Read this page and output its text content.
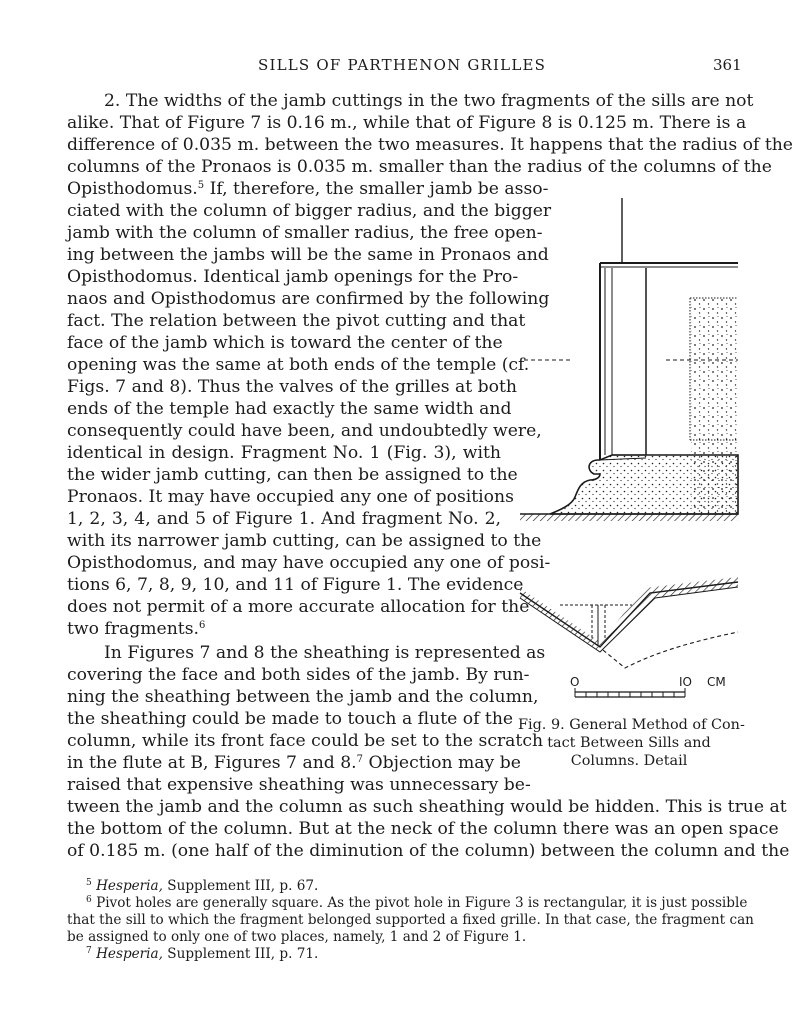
SILLS OF PARTHENON GRILLES	361
2. The widths of the jamb cuttings in the two fragments of the sills are not
alike. That of Figure 7 is 0.16 m., while that of Figure 8 is 0.125 m. There is a
difference of 0.035 m. between the two measures. It happens that the radius of the
columns of the Pronaos is 0.035 m. smaller than the radius of the columns of the
Opisthodomus.$^5$ If, therefore, the smaller jamb be asso-
ciated with the column of bigger radius, and the bigger
jamb with the column of smaller radius, the free open-
ing between the jambs will be the same in Pronaos and
Opisthodomus. Identical jamb openings for the Pro-
naos and Opisthodomus are confirmed by the following
fact. The relation between the pivot cutting and that
face of the jamb which is toward the center of the
opening was the same at both ends of the temple (cf.
Figs. 7 and 8). Thus the valves of the grilles at both
ends of the temple had exactly the same width and
consequently could have been, and undoubtedly were,
identical in design. Fragment No. 1 (Fig. 3), with
the wider jamb cutting, can then be assigned to the
Pronaos. It may have occupied any one of positions
1, 2, 3, 4, and 5 of Figure 1. And fragment No. 2,
with its narrower jamb cutting, can be assigned to the
Opisthodomus, and may have occupied any one of posi-
tions 6, 7, 8, 9, 10, and 11 of Figure 1. The evidence
does not permit of a more accurate allocation for the
two fragments.$^6$
In Figures 7 and 8 the sheathing is represented as
covering the face and both sides of the jamb. By run-
ning the sheathing between the jamb and the column,
the sheathing could be made to touch a flute of the
column, while its front face could be set to the scratch
in the flute at B, Figures 7 and 8.$^7$ Objection may be
raised that expensive sheathing was unnecessary be-
tween the jamb and the column as such sheathing would be hidden. This is true at
the bottom of the column. But at the neck of the column there was an open space
of 0.185 m. (one half of the diminution of the column) between the column and the
O	IO CM
Fig. 9. General Method of Con-
tact Between Sills and
Columns. Detail
$^5$ Hesperia, Supplement III, p. 67.
$^6$ Pivot holes are generally square. As the pivot hole in Figure 3 is rectangular, it is just possible
that the sill to which the fragment belonged supported a fixed grille. In that case, the fragment can
be assigned to only one of two places, namely, 1 and 2 of Figure 1.
$^7$ Hesperia, Supplement III, p. 71.
